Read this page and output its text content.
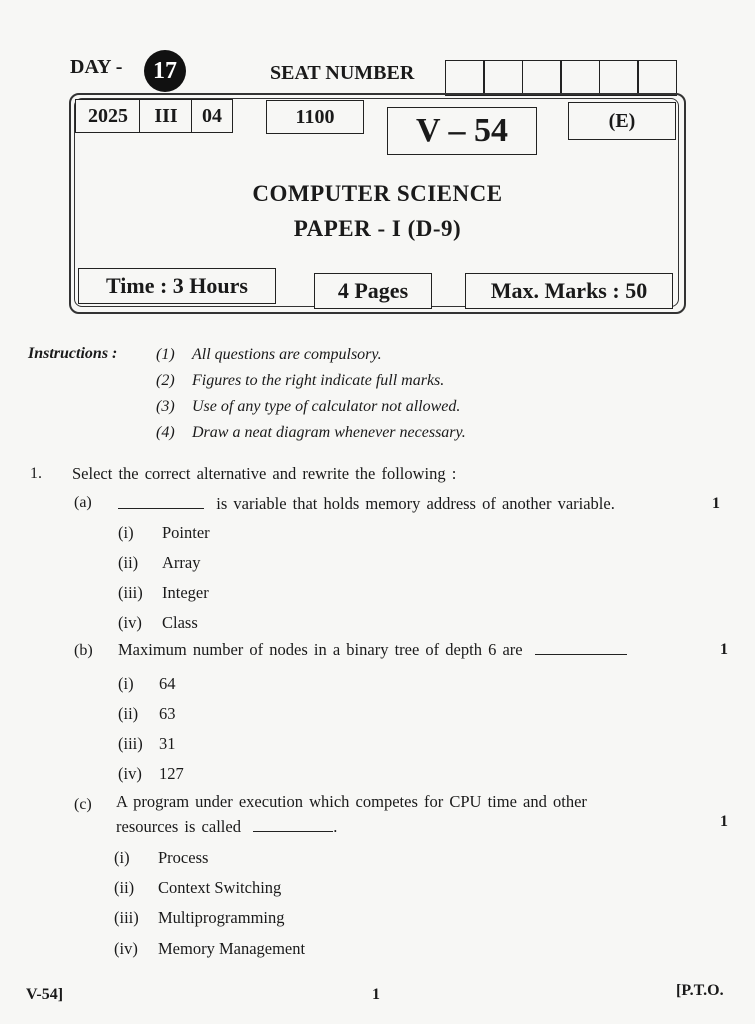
DAY -	17	SEAT NUMBER
2025	III	04	1100	V – 54	(E)
COMPUTER SCIENCE
PAPER - I (D-9)
Time : 3 Hours	4 Pages	Max. Marks : 50
Instructions : (1) All questions are compulsory.
(2) Figures to the right indicate full marks.
(3) Use of any type of calculator not allowed.
(4) Draw a neat diagram whenever necessary.
1. Select the correct alternative and rewrite the following :
(a)	is variable that holds memory address of another variable.	1
(i) Pointer
(ii) Array
(iii) Integer
(iv) Class
(b) Maximum number of nodes in a binary tree of depth 6 are	1
(i) 64
(ii) 63
(iii) 31
(iv) 127
(c) A program under execution which competes for CPU time and other
resources is called	.	1
(i) Process
(ii) Context Switching
(iii) Multiprogramming
(iv) Memory Management
V-54]	1	[P.T.O.
